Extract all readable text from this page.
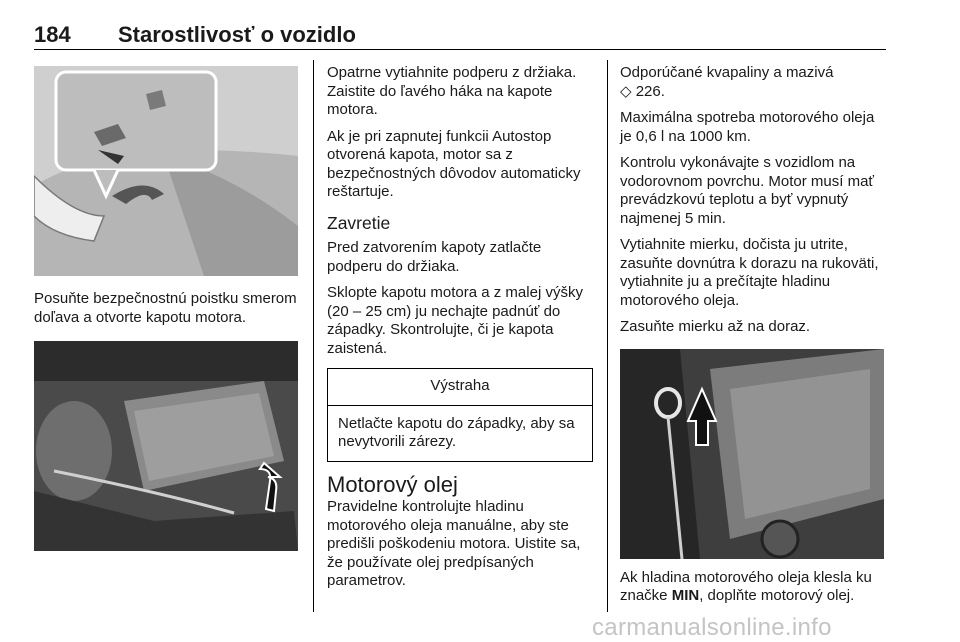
184 Starostlivosť o vozidlo

Posuňte bezpečnostnú poistku smerom doľava a otvorte kapotu motora.

Opatrne vytiahnite podperu z držiaka. Zaistite do ľavého háka na kapote motora.

Ak je pri zapnutej funkcii Autostop otvorená kapota, motor sa z bezpečnostných dôvodov automaticky reštartuje.

Zavretie

Pred zatvorením kapoty zatlačte podperu do držiaka.

Sklopte kapotu motora a z malej výšky (20 – 25 cm) ju nechajte padnúť do západky. Skontrolujte, či je kapota zaistená.

Výstraha
Netlačte kapotu do západky, aby sa nevytvorili zárezy.
Motorový olej

Pravidelne kontrolujte hladinu motorového oleja manuálne, aby ste predišli poškodeniu motora. Uistite sa, že používate olej predpísaných parametrov.

Odporúčané kvapaliny a mazivá
◇ 226.

Maximálna spotreba motorového oleja je 0,6 l na 1000 km.

Kontrolu vykonávajte s vozidlom na vodorovnom povrchu. Motor musí mať prevádzkovú teplotu a byť vypnutý najmenej 5 min.

Vytiahnite mierku, dočista ju utrite, zasuňte dovnútra k dorazu na rukoväti, vytiahnite ju a prečítajte hladinu motorového oleja.

Zasuňte mierku až na doraz.

Ak hladina motorového oleja klesla ku značke MIN, doplňte motorový olej.

carmanualsonline.info
